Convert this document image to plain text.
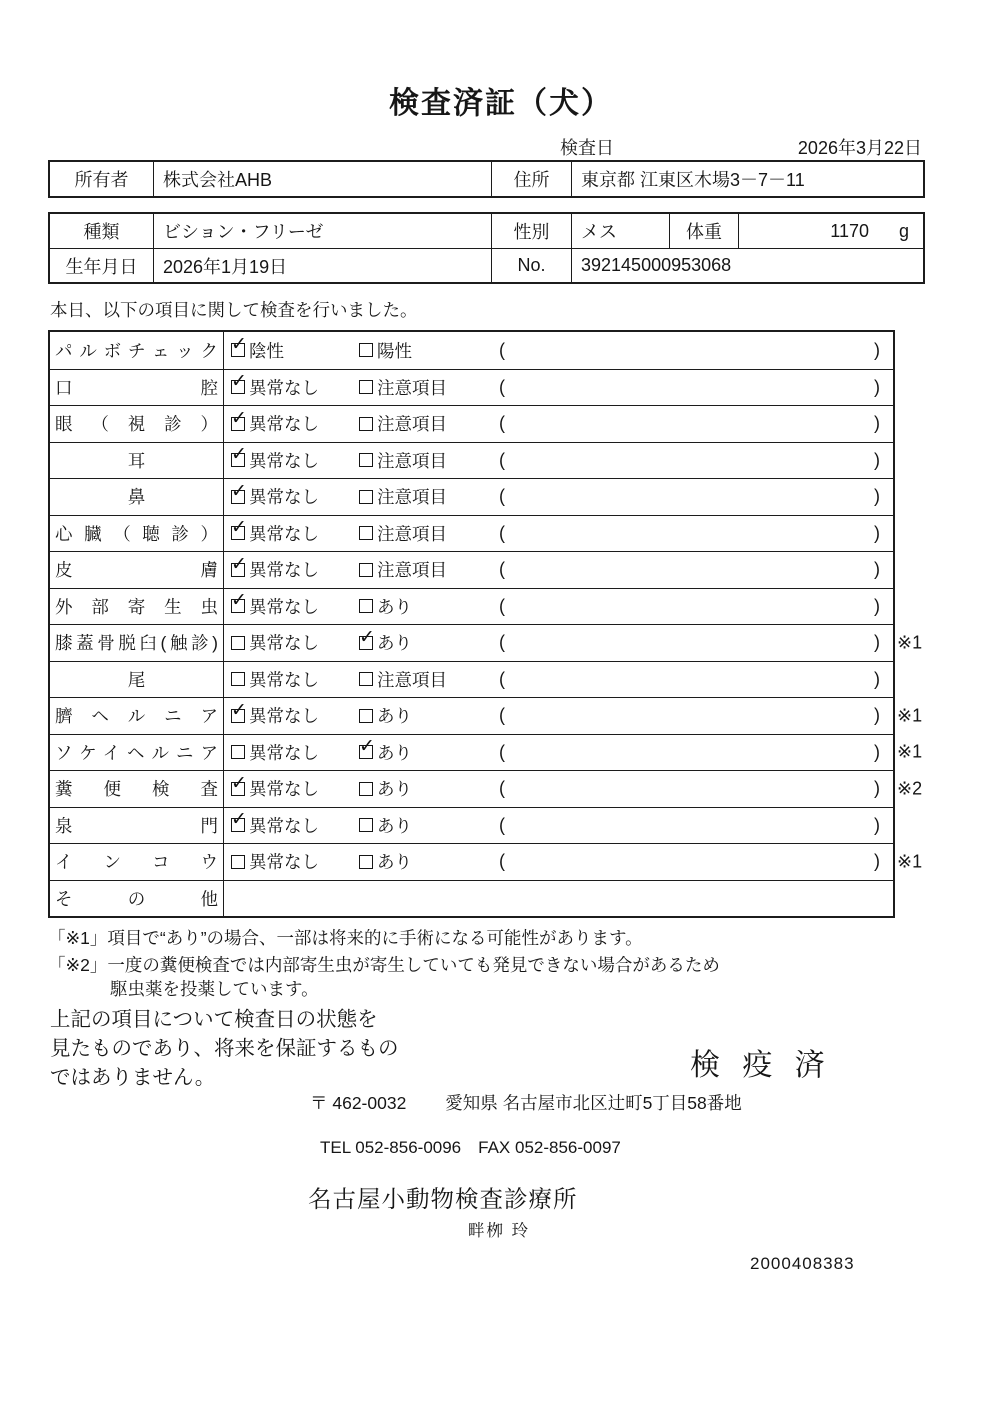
検査済証（犬）
検査日	2026年3月22日
所有者	株式会社AHB	住所	東京都 江東区木場3－7－11
種類	ビション・フリーゼ	性別	メス	体重	1170 g
生年月日	2026年1月19日	No.	392145000953068
本日、以下の項目に関して検査を行いました。
パルボチェック ✓ 陰性	陽性	(	)
口腔 ✓ 異常なし	注意項目	(	)
眼（視診） ✓ 異常なし	注意項目	(	)
耳	✓ 異常なし	注意項目	(	)
鼻	✓ 異常なし	注意項目	(	)
心臓（聴診） ✓ 異常なし	注意項目	(	)
皮膚 ✓ 異常なし	注意項目	(	)
外部寄生虫 ✓ 異常なし	あり	(	)
膝蓋骨脱臼(触診) 異常なし ✓ あり	(	) ※1
尾	異常なし	注意項目	(	)
臍ヘルニア ✓ 異常なし	あり	(	) ※1
ソケイヘルニア 異常なし ✓ あり	(	) ※1
糞便検査 ✓ 異常なし	あり	(	) ※2
泉門 ✓ 異常なし	あり	(	)
インコウ 異常なし	あり	(	) ※1
その他
「※1」項目で“あり”の場合、一部は将来的に手術になる可能性があります。
「※2」一度の糞便検査では内部寄生虫が寄生していても発見できない場合があるため
駆虫薬を投薬しています。
上記の項目について検査日の状態を
見たものであり、将来を保証するもの
ではありません。	検 疫 済
〒 462-0032 愛知県 名古屋市北区辻町5丁目58番地
TEL 052-856-0096　FAX 052-856-0097
名古屋小動物検査診療所
畔栁 玲
2000408383
